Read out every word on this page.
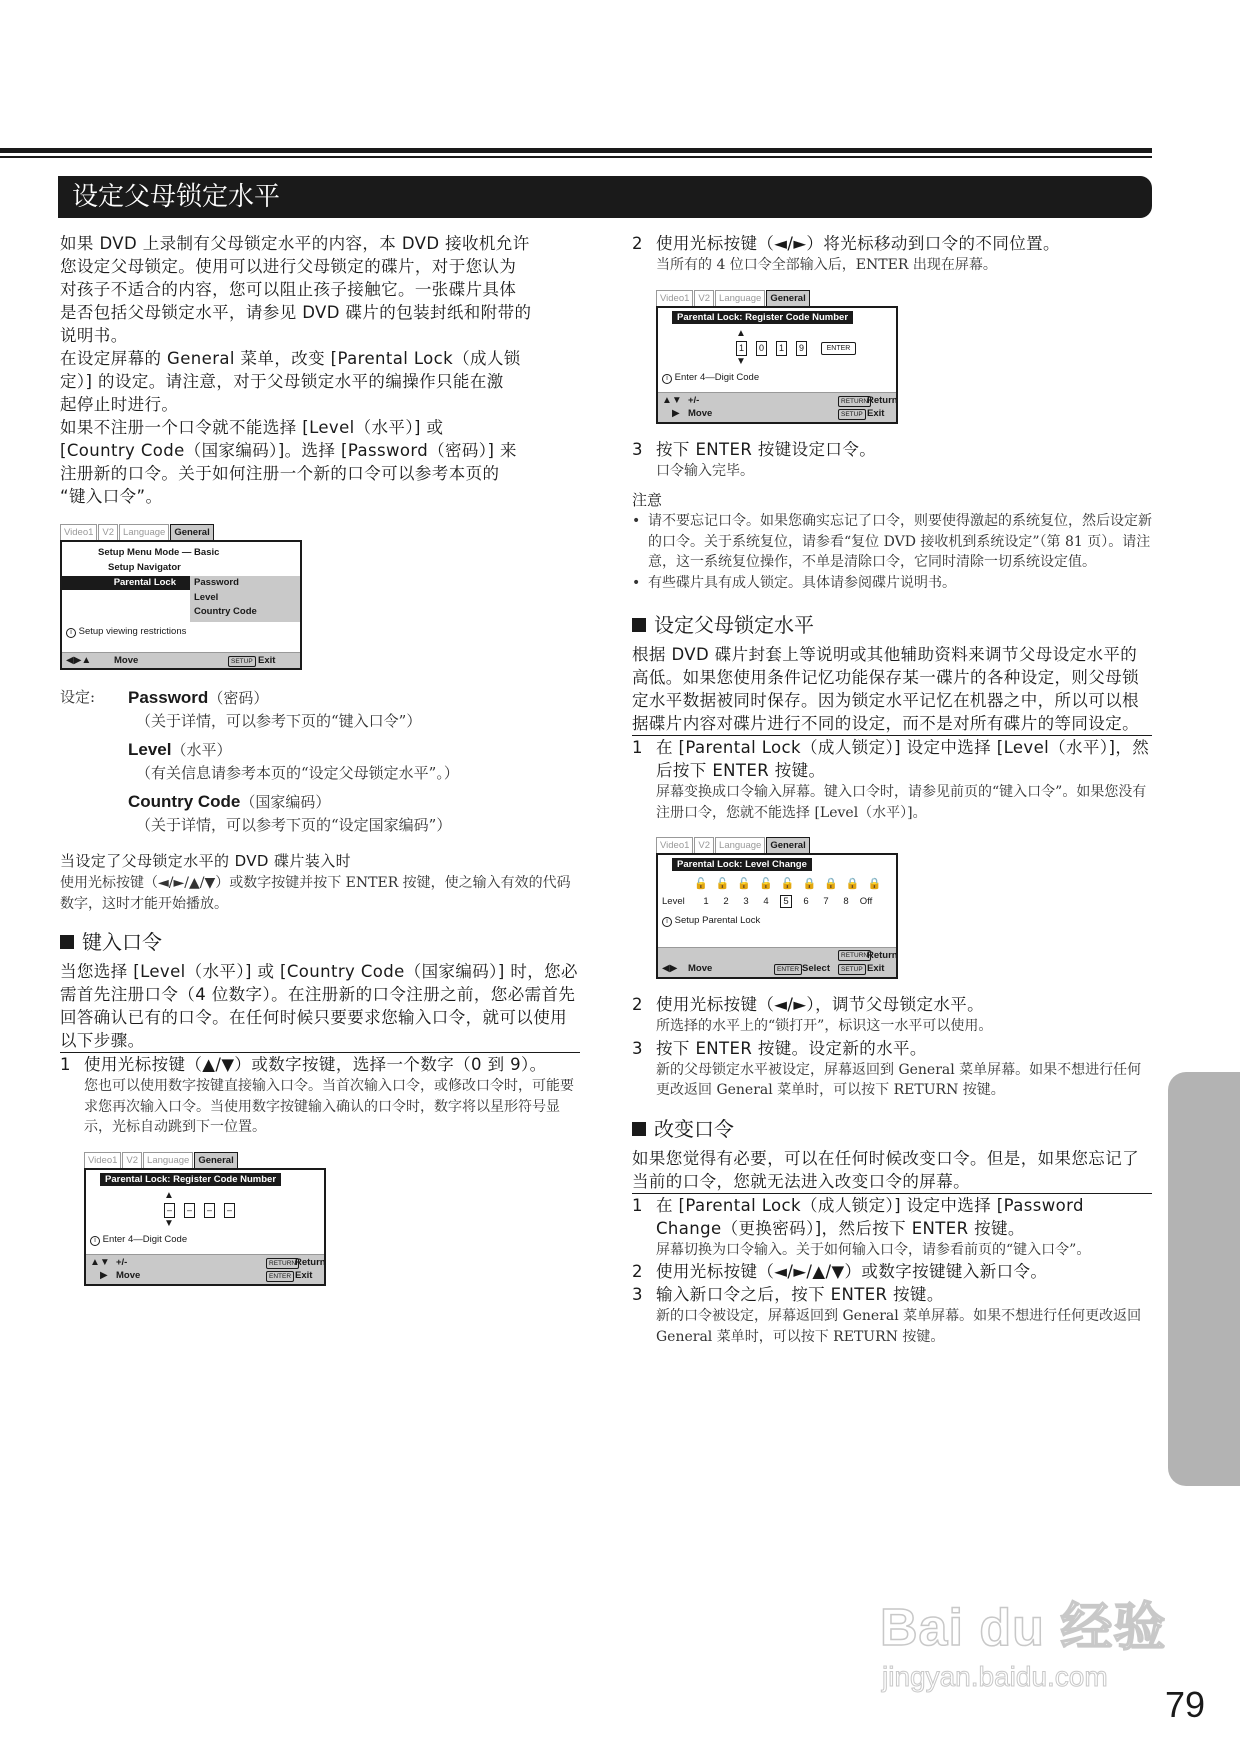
设定父母锁定水平
如果 DVD 上录制有父母锁定水平的内容，本 DVD 接收机允许
您设定父母锁定。使用可以进行父母锁定的碟片，对于您认为
对孩子不适合的内容，您可以阻止孩子接触它。一张碟片具体
是否包括父母锁定水平，请参见 DVD 碟片的包装封纸和附带的
说明书。
在设定屏幕的 General 菜单，改变 [Parental Lock（成人锁
定）] 的设定。请注意，对于父母锁定水平的编操作只能在激
起停止时进行。
如果不注册一个口令就不能选择 [Level（水平）] 或
[Country Code（国家编码）]。选择 [Password（密码）] 来
注册新的口令。关于如何注册一个新的口令可以参考本页的
“键入口令”。
Video1 V2 Language General
Setup Menu Mode — Basic
Setup Navigator
Parental Lock	Password
Level
Country Code
i Setup viewing restrictions
◀▶▲ Move	SETUP Exit
设定:	Password（密码）
（关于详情，可以参考下页的“键入口令”）
Level（水平）
（有关信息请参考本页的“设定父母锁定水平”。）
Country Code（国家编码）
（关于详情，可以参考下页的“设定国家编码”）
当设定了父母锁定水平的 DVD 碟片装入时
使用光标按键（◄/►/▲/▼）或数字按键并按下 ENTER 按键，使之输入有效的代码数字，这时才能开始播放。
键入口令
当您选择 [Level（水平）] 或 [Country Code（国家编码）] 时，您必需首先注册口令（4 位数字）。在注册新的口令注册之前，您必需首先回答确认已有的口令。在任何时候只要要求您输入口令，就可以使用以下步骤。
1 使用光标按键（▲/▼）或数字按键，选择一个数字（0 到 9）。
您也可以使用数字按键直接输入口令。当首次输入口令，或修改口令时，可能要求您再次输入口令。当使用数字按键输入确认的口令时，数字将以星形符号显示，光标自动跳到下一位置。
Video1 V2 Language General
Parental Lock: Register Code Number
▲
– – – –
▼
i Enter 4—Digit Code
▲▼ +/-
▶ Move
RETURN
Return
ENTER Exit
2 使用光标按键（◄/►）将光标移动到口令的不同位置。
当所有的 4 位口令全部输入后，ENTER 出现在屏幕。
Video1 V2 Language General
Parental Lock: Register Code Number
▲
1 0 1 9	ENTER
▼
i Enter 4—Digit Code
▲▼ +/-
▶ Move
RETURN
Return
SETUP Exit
3 按下 ENTER 按键设定口令。
口令输入完毕。
注意
• 请不要忘记口令。如果您确实忘记了口令，则要使得激起的系统复位，然后设定新的口令。关于系统复位，请参看“复位 DVD 接收机到系统设定”（第 81 页）。请注意，这一系统复位操作，不单是清除口令，它同时清除一切系统设定值。
• 有些碟片具有成人锁定。具体请参阅碟片说明书。
设定父母锁定水平
根据 DVD 碟片封套上等说明或其他辅助资料来调节父母设定水平的高低。如果您使用条件记忆功能保存某一碟片的各种设定，则父母锁定水平数据被同时保存。因为锁定水平记忆在机器之中，所以可以根据碟片内容对碟片进行不同的设定，而不是对所有碟片的等同设定。
1 在 [Parental Lock（成人锁定）] 设定中选择 [Level（水平）]，然后按下 ENTER 按键。
屏幕变换成口令输入屏幕。键入口令时，请参见前页的“键入口令”。如果您没有注册口令，您就不能选择 [Level（水平）]。
Video1 V2 Language General
Parental Lock: Level Change
🔓 🔓 🔓 🔓 🔓 🔒 🔒 🔒 🔒
Level	1	2	3	4	5	6	7	8	Off
i Setup Parental Lock
RETURN
Return
◀▶ Move	ENTER Select	SETUP Exit
2 使用光标按键（◄/►），调节父母锁定水平。
所选择的水平上的“锁打开”，标识这一水平可以使用。
3 按下 ENTER 按键。设定新的水平。
新的父母锁定水平被设定，屏幕返回到 General 菜单屏幕。如果不想进行任何更改返回 General 菜单时，可以按下 RETURN 按键。
改变口令
如果您觉得有必要，可以在任何时候改变口令。但是，如果您忘记了当前的口令，您就无法进入改变口令的屏幕。
1 在 [Parental Lock（成人锁定）] 设定中选择 [Password Change（更换密码）]，然后按下 ENTER 按键。
屏幕切换为口令输入。关于如何输入口令，请参看前页的“键入口令”。
2 使用光标按键（◄/►/▲/▼）或数字按键键入新口令。
3 输入新口令之后，按下 ENTER 按键。
新的口令被设定，屏幕返回到 General 菜单屏幕。如果不想进行任何更改返回 General 菜单时，可以按下 RETURN 按键。
Bai du 经验
jingyan.baidu.com
79
